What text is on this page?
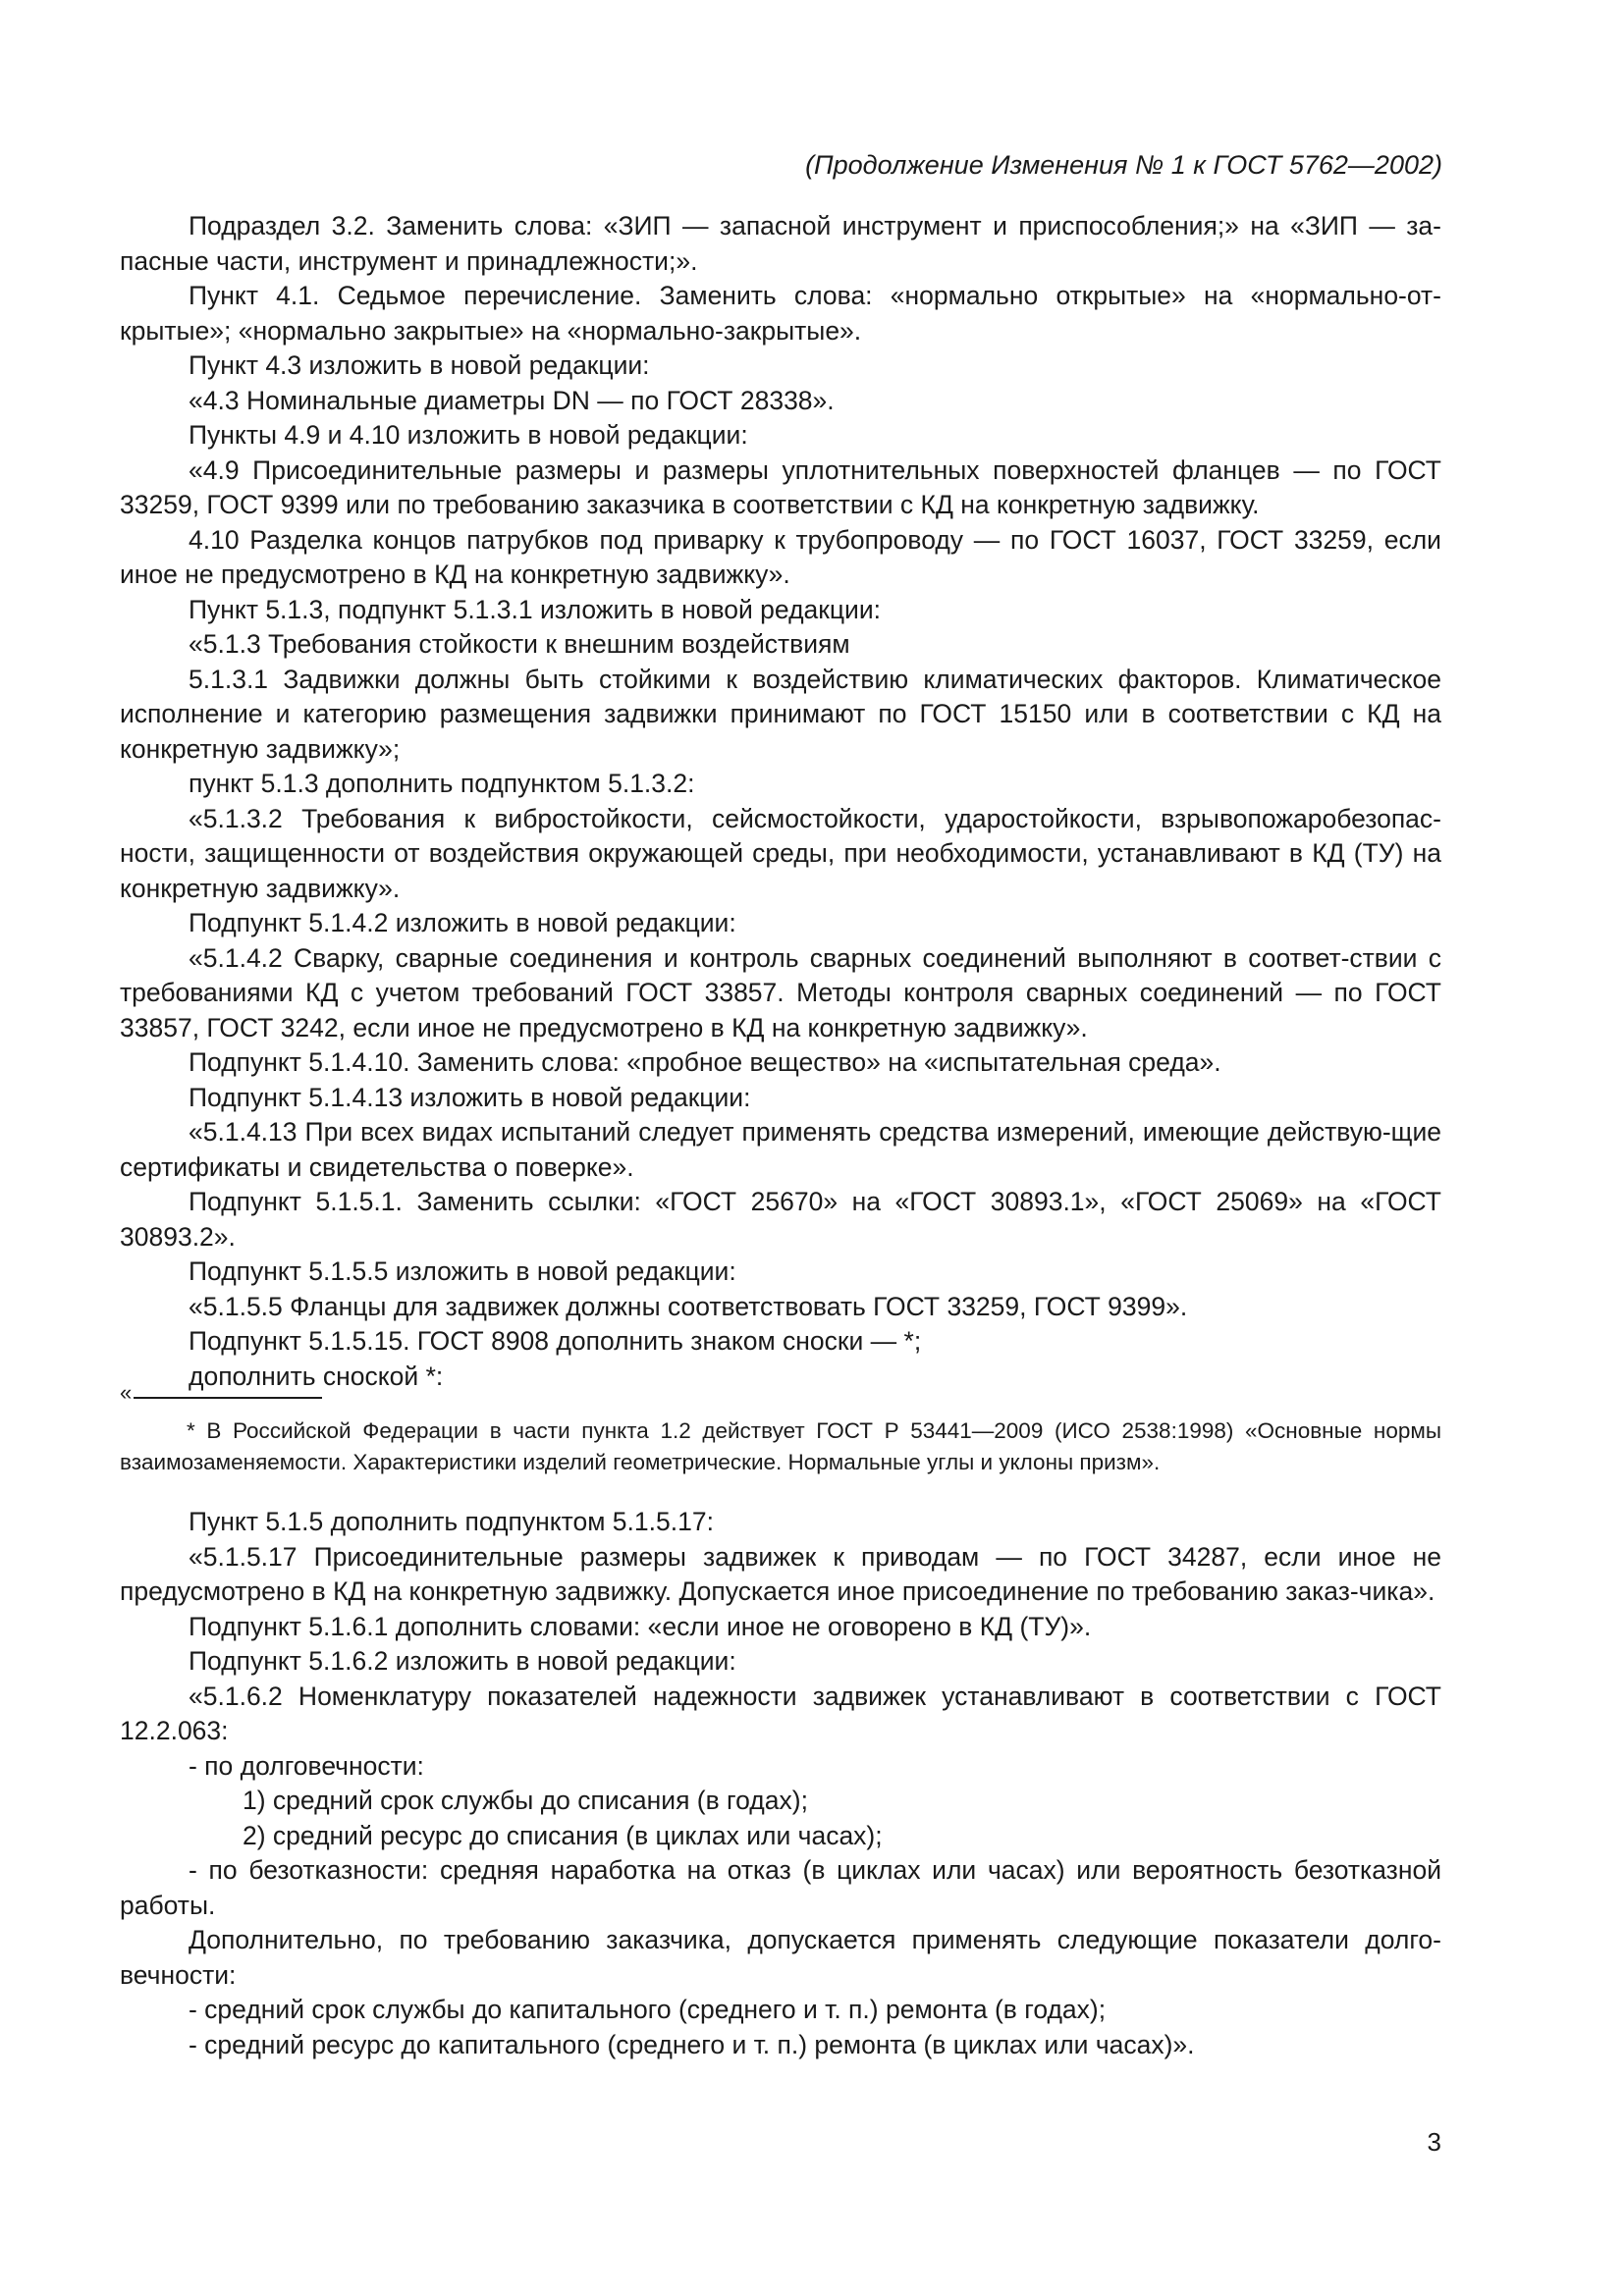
(Продолжение Изменения № 1 к ГОСТ 5762—2002)

Подраздел 3.2. Заменить слова: «ЗИП — запасной инструмент и приспособления;» на «ЗИП — за-пасные части, инструмент и принадлежности;».

Пункт 4.1. Седьмое перечисление. Заменить слова: «нормально открытые» на «нормально-от-крытые»; «нормально закрытые» на «нормально-закрытые».

Пункт 4.3 изложить в новой редакции:

«4.3 Номинальные диаметры DN — по ГОСТ 28338».

Пункты 4.9 и 4.10 изложить в новой редакции:

«4.9 Присоединительные размеры и размеры уплотнительных поверхностей фланцев — по ГОСТ 33259, ГОСТ 9399 или по требованию заказчика в соответствии с КД на конкретную задвижку.

4.10 Разделка концов патрубков под приварку к трубопроводу — по ГОСТ 16037, ГОСТ 33259, если иное не предусмотрено в КД на конкретную задвижку».

Пункт 5.1.3, подпункт 5.1.3.1 изложить в новой редакции:

«5.1.3 Требования стойкости к внешним воздействиям

5.1.3.1 Задвижки должны быть стойкими к воздействию климатических факторов. Климатическое исполнение и категорию размещения задвижки принимают по ГОСТ 15150 или в соответствии с КД на конкретную задвижку»;

пункт 5.1.3 дополнить подпунктом 5.1.3.2:

«5.1.3.2 Требования к вибростойкости, сейсмостойкости, ударостойкости, взрывопожаробезопас-ности, защищенности от воздействия окружающей среды, при необходимости, устанавливают в КД (ТУ) на конкретную задвижку».

Подпункт 5.1.4.2 изложить в новой редакции:

«5.1.4.2 Сварку, сварные соединения и контроль сварных соединений выполняют в соответ-ствии с требованиями КД с учетом требований ГОСТ 33857. Методы контроля сварных соединений — по ГОСТ 33857, ГОСТ 3242, если иное не предусмотрено в КД на конкретную задвижку».

Подпункт 5.1.4.10. Заменить слова: «пробное вещество» на «испытательная среда».

Подпункт 5.1.4.13 изложить в новой редакции:

«5.1.4.13 При всех видах испытаний следует применять средства измерений, имеющие действую-щие сертификаты и свидетельства о поверке».

Подпункт 5.1.5.1. Заменить ссылки: «ГОСТ 25670» на «ГОСТ 30893.1», «ГОСТ 25069» на «ГОСТ 30893.2».

Подпункт 5.1.5.5 изложить в новой редакции:

«5.1.5.5 Фланцы для задвижек должны соответствовать ГОСТ 33259, ГОСТ 9399».

Подпункт 5.1.5.15. ГОСТ 8908 дополнить знаком сноски — *;

дополнить сноской *:

«
* В Российской Федерации в части пункта 1.2 действует ГОСТ Р 53441—2009 (ИСО 2538:1998) «Основные нормы взаимозаменяемости. Характеристики изделий геометрические. Нормальные углы и уклоны призм».

Пункт 5.1.5 дополнить подпунктом 5.1.5.17:

«5.1.5.17 Присоединительные размеры задвижек к приводам — по ГОСТ 34287, если иное не предусмотрено в КД на конкретную задвижку. Допускается иное присоединение по требованию заказ-чика».

Подпункт 5.1.6.1 дополнить словами: «если иное не оговорено в КД (ТУ)».

Подпункт 5.1.6.2 изложить в новой редакции:

«5.1.6.2 Номенклатуру показателей надежности задвижек устанавливают в соответствии с ГОСТ 12.2.063:

- по долговечности:

1) средний срок службы до списания (в годах);

2) средний ресурс до списания (в циклах или часах);

- по безотказности: средняя наработка на отказ (в циклах или часах) или вероятность безотказной работы.

Дополнительно, по требованию заказчика, допускается применять следующие показатели долго-вечности:

- средний срок службы до капитального (среднего и т. п.) ремонта (в годах);

- средний ресурс до капитального (среднего и т. п.) ремонта (в циклах или часах)».

3
